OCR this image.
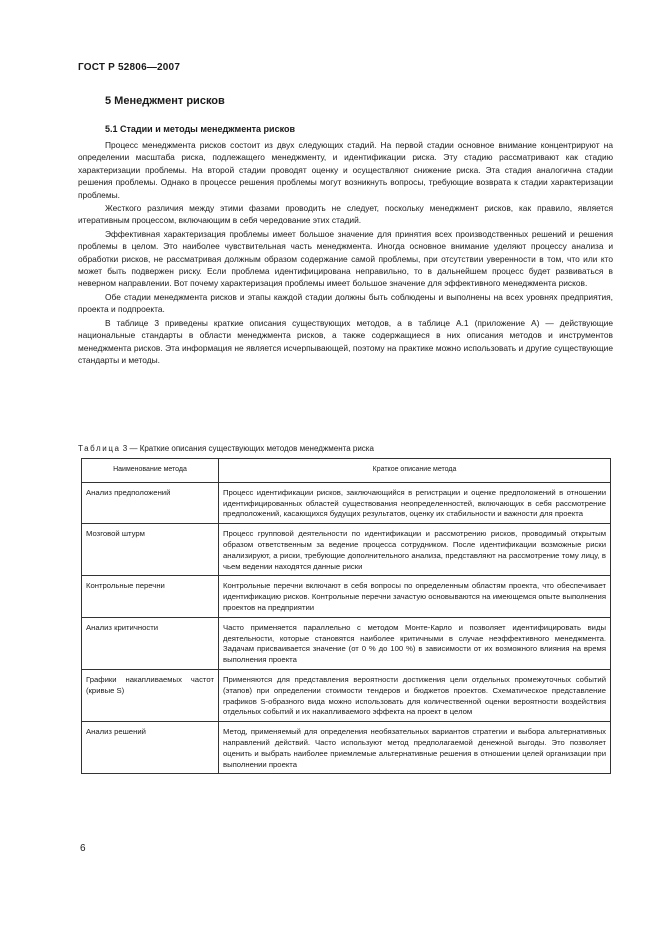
ГОСТ Р 52806—2007
5 Менеджмент рисков
5.1 Стадии и методы менеджмента рисков

Процесс менеджмента рисков состоит из двух следующих стадий. На первой стадии основное внимание концентрируют на определении масштаба риска, подлежащего менеджменту, и идентификации риска. Эту стадию рассматривают как стадию характеризации проблемы. На второй стадии проводят оценку и осуществляют снижение риска. Эта стадия аналогична стадии решения проблемы. Однако в процессе решения проблемы могут возникнуть вопросы, требующие возврата к стадии характеризации проблемы.

Жесткого различия между этими фазами проводить не следует, поскольку менеджмент рисков, как правило, является итеративным процессом, включающим в себя чередование этих стадий.

Эффективная характеризация проблемы имеет большое значение для принятия всех производственных решений и решения проблемы в целом. Это наиболее чувствительная часть менеджмента. Иногда основное внимание уделяют процессу анализа и обработки рисков, не рассматривая должным образом содержание самой проблемы, при отсутствии уверенности в том, что или кто может быть подвержен риску. Если проблема идентифицирована неправильно, то в дальнейшем процесс будет развиваться в неверном направлении. Вот почему характеризация проблемы имеет большое значение для эффективного менеджмента рисков.

Обе стадии менеджмента рисков и этапы каждой стадии должны быть соблюдены и выполнены на всех уровнях предприятия, проекта и подпроекта.

В таблице 3 приведены краткие описания существующих методов, а в таблице А.1 (приложение А) — действующие национальные стандарты в области менеджмента рисков, а также содержащиеся в них описания методов и инструментов менеджмента рисков. Эта информация не является исчерпывающей, поэтому на практике можно использовать и другие существующие стандарты и методы.

Таблица 3 — Краткие описания существующих методов менеджмента риска
Наименование метода	Краткое описание метода
Анализ предположений	Процесс идентификации рисков, заключающийся в регистрации и оценке предположений в отношении идентифицированных областей существования неопределенностей, включающих в себя рассмотрение предположений, касающихся будущих результатов, оценку их стабильности и важности для проекта
Мозговой штурм	Процесс групповой деятельности по идентификации и рассмотрению рисков, проводимый открытым образом ответственным за ведение процесса сотрудником. После идентификации возможные риски анализируют, а риски, требующие дополнительного анализа, представляют на рассмотрение тому лицу, в чьем ведении находятся данные риски
Контрольные перечни	Контрольные перечни включают в себя вопросы по определенным областям проекта, что обеспечивает идентификацию рисков. Контрольные перечни зачастую основываются на имеющемся опыте выполнения проектов на предприятии
Анализ критичности	Часто применяется параллельно с методом Монте-Карло и позволяет идентифицировать виды деятельности, которые становятся наиболее критичными в случае неэффективного менеджмента. Задачам присваивается значение (от 0 % до 100 %) в зависимости от их возможного влияния на время выполнения проекта
Графики накапливаемых частот (кривые S)	Применяются для представления вероятности достижения цели отдельных промежуточных событий (этапов) при определении стоимости тендеров и бюджетов проектов. Схематическое представление графиков S-образного вида можно использовать для количественной оценки вероятности воздействия отдельных событий и их накапливаемого эффекта на проект в целом
Анализ решений	Метод, применяемый для определения необязательных вариантов стратегии и выбора альтернативных направлений действий. Часто используют метод предполагаемой денежной выгоды. Это позволяет оценить и выбрать наиболее приемлемые альтернативные решения в отношении целей организации при выполнении проекта
6
